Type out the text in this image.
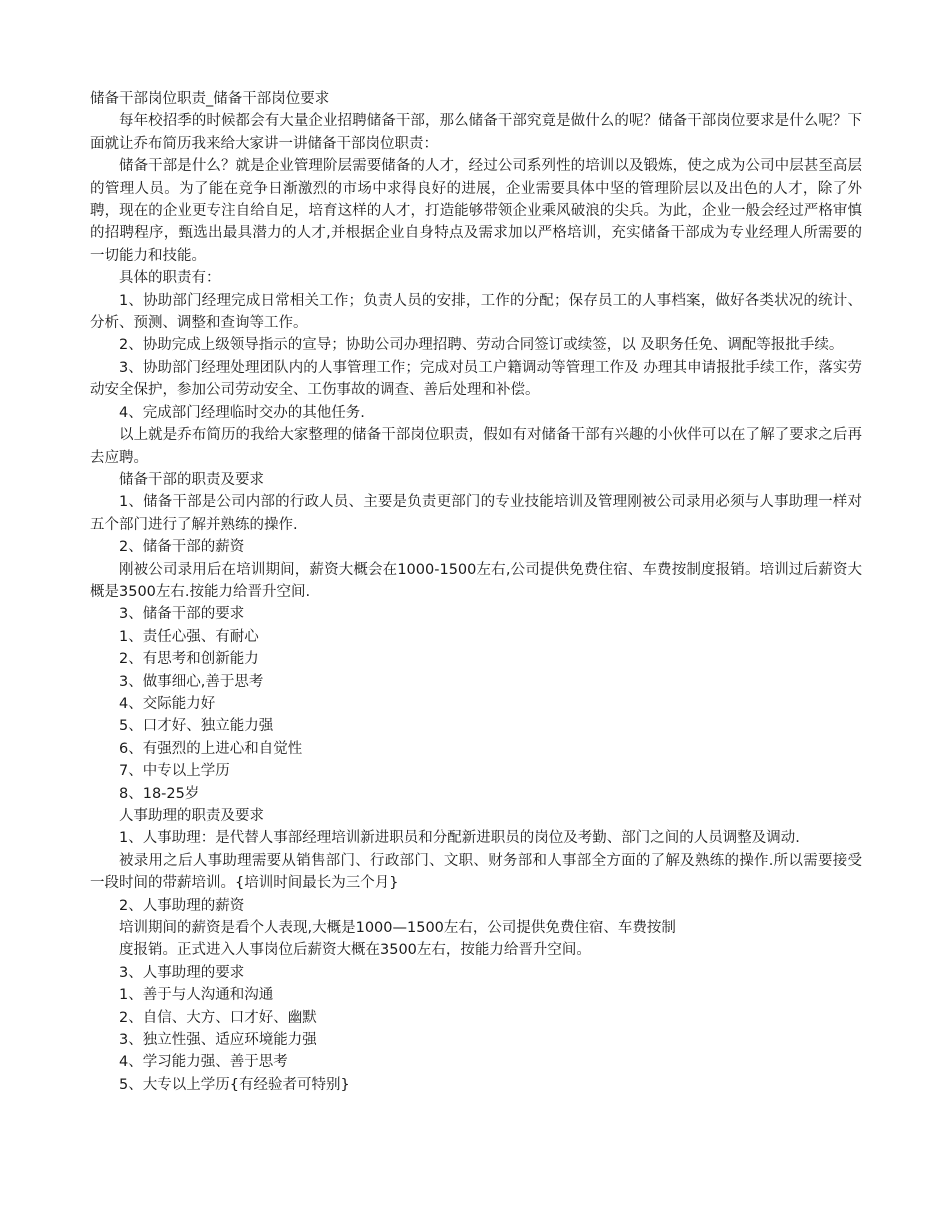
储备干部岗位职责_储备干部岗位要求

每年校招季的时候都会有大量企业招聘储备干部，那么储备干部究竟是做什么的呢？储备干部岗位要求是什么呢？下面就让乔布简历我来给大家讲一讲储备干部岗位职责：

储备干部是什么？就是企业管理阶层需要储备的人才，经过公司系列性的培训以及锻炼，使之成为公司中层甚至高层的管理人员。为了能在竞争日渐激烈的市场中求得良好的进展，企业需要具体中坚的管理阶层以及出色的人才，除了外聘，现在的企业更专注自给自足，培育这样的人才，打造能够带领企业乘风破浪的尖兵。为此，企业一般会经过严格审慎的招聘程序，甄选出最具潜力的人才,并根据企业自身特点及需求加以严格培训，充实储备干部成为专业经理人所需要的一切能力和技能。

具体的职责有：

1、协助部门经理完成日常相关工作；负责人员的安排，工作的分配；保存员工的人事档案，做好各类状况的统计、分析、预测、调整和查询等工作。

2、协助完成上级领导指示的宣导；协助公司办理招聘、劳动合同签订或续签，以 及职务任免、调配等报批手续。

3、协助部门经理处理团队内的人事管理工作；完成对员工户籍调动等管理工作及 办理其申请报批手续工作，落实劳动安全保护，参加公司劳动安全、工伤事故的调查、善后处理和补偿。

4、完成部门经理临时交办的其他任务.

以上就是乔布简历的我给大家整理的储备干部岗位职责，假如有对储备干部有兴趣的小伙伴可以在了解了要求之后再去应聘。

储备干部的职责及要求

1、储备干部是公司内部的行政人员、主要是负责更部门的专业技能培训及管理刚被公司录用必须与人事助理一样对五个部门进行了解并熟练的操作.

2、储备干部的薪资

刚被公司录用后在培训期间，薪资大概会在1000-1500左右,公司提供免费住宿、车费按制度报销。培训过后薪资大概是3500左右.按能力给晋升空间.

3、储备干部的要求
1、责任心强、有耐心
2、有思考和创新能力
3、做事细心,善于思考
4、交际能力好
5、口才好、独立能力强
6、有强烈的上进心和自觉性
7、中专以上学历
8、18-25岁
人事助理的职责及要求

1、人事助理：是代替人事部经理培训新进职员和分配新进职员的岗位及考勤、部门之间的人员调整及调动.

被录用之后人事助理需要从销售部门、行政部门、文职、财务部和人事部全方面的了解及熟练的操作.所以需要接受一段时间的带薪培训。{培训时间最长为三个月}

2、人事助理的薪资
培训期间的薪资是看个人表现,大概是1000—1500左右，公司提供免费住宿、车费按制
度报销。正式进入人事岗位后薪资大概在3500左右，按能力给晋升空间。
3、人事助理的要求
1、善于与人沟通和沟通
2、自信、大方、口才好、幽默
3、独立性强、适应环境能力强
4、学习能力强、善于思考
5、大专以上学历{有经验者可特别}
